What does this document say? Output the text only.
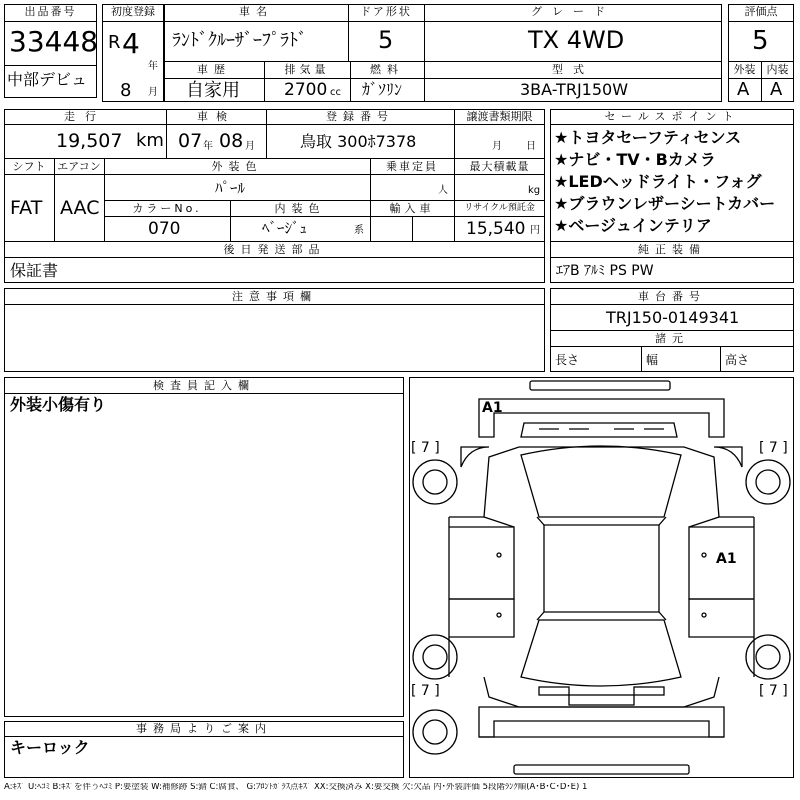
出品番号
33448
中部デビュ
初度登録
R 4
年
8 月
車名
ﾗﾝﾄﾞｸﾙｰｻﾞｰﾌﾟﾗﾄﾞ
ドア形状
5
グレード
TX 4WD
車歴
自家用
排気量
2700 cc
燃料
ｶﾞｿﾘﾝ
型式
3BA-TRJ150W
評価点
5
外装	内装
A A
走行
19,507 km
車検
07 年 08 月
登録番号
鳥取 300ﾎ7378
譲渡書類期限
月 日
シフト
FAT
エアコン
AAC
外装色
ﾊﾟｰﾙ
乗車定員
人
最大積載量
kg
カラーNo.
070
内装色
ﾍﾞｰｼﾞｭ	系
輸入車	リサイクル預託金
15,540 円
後日発送部品
保証書
セールスポイント
★トヨタセーフティセンス
★ナビ・TV・Bカメラ
★LEDヘッドライト・フォグ
★ブラウンレザーシートカバー
★ベージュインテリア
純正装備
ｴｱB ｱﾙﾐ PS PW
注意事項欄	車台番号
TRJ150-0149341
諸元
長さ	幅	高さ
検査員記入欄
外装小傷有り
事務局よりご案内
キーロック
A1
A1
[ 7 ]	[ 7 ]
[ 7 ]	[ 7 ]
A:ｷｽﾞ U:ﾍｺﾐ B:ｷｽﾞを伴うﾍｺﾐ P:要塗装 W:補修跡 S:錆 C:腐食、 G:ﾌﾛﾝﾄｶﾞﾗｽ点ｷｽﾞ XX:交換済み X:要交換 欠:欠品 内･外装評価 5段階ﾗﾝｸ順(A･B･C･D･E) 1
